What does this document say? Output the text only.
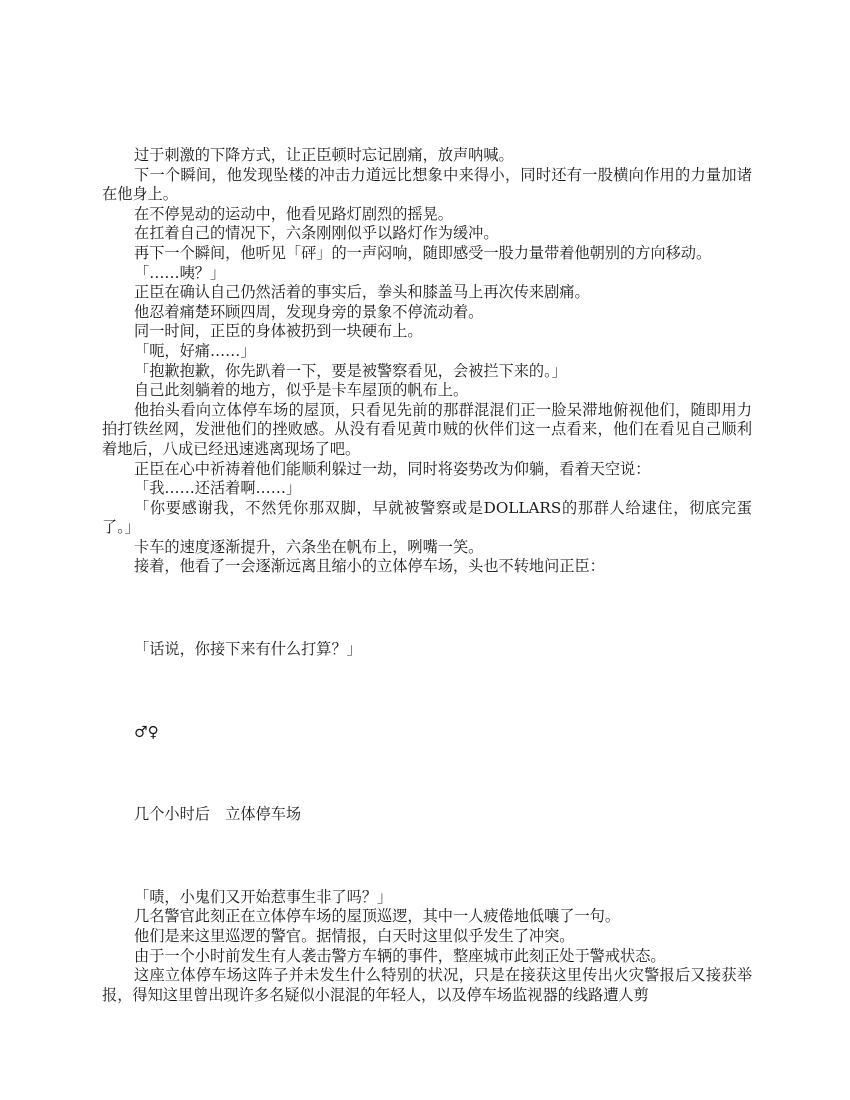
过于刺激的下降方式，让正臣顿时忘记剧痛，放声呐喊。

下一个瞬间，他发现坠楼的冲击力道远比想象中来得小，同时还有一股横向作用的力量加诸在他身上。

在不停晃动的运动中，他看见路灯剧烈的摇晃。

在扛着自己的情况下，六条刚刚似乎以路灯作为缓冲。

再下一个瞬间，他听见「砰」的一声闷响，随即感受一股力量带着他朝别的方向移动。

「……咦？」

正臣在确认自己仍然活着的事实后，拳头和膝盖马上再次传来剧痛。

他忍着痛楚环顾四周，发现身旁的景象不停流动着。

同一时间，正臣的身体被扔到一块硬布上。

「呃，好痛……」

「抱歉抱歉，你先趴着一下，要是被警察看见，会被拦下来的。」

自己此刻躺着的地方，似乎是卡车屋顶的帆布上。

他抬头看向立体停车场的屋顶，只看见先前的那群混混们正一脸呆滞地俯视他们，随即用力拍打铁丝网，发泄他们的挫败感。从没有看见黄巾贼的伙伴们这一点看来，他们在看见自己顺利着地后，八成已经迅速逃离现场了吧。

正臣在心中祈祷着他们能顺利躲过一劫，同时将姿势改为仰躺，看着天空说：

「我……还活着啊……」

「你要感谢我，不然凭你那双脚，早就被警察或是DOLLARS的那群人给逮住，彻底完蛋了。」

卡车的速度逐渐提升，六条坐在帆布上，咧嘴一笑。

接着，他看了一会逐渐远离且缩小的立体停车场，头也不转地问正臣：

「话说，你接下来有什么打算？」

♂♀

几个小时后　立体停车场

「啧，小鬼们又开始惹事生非了吗？」

几名警官此刻正在立体停车场的屋顶巡逻，其中一人疲倦地低嚷了一句。

他们是来这里巡逻的警官。据情报，白天时这里似乎发生了冲突。

由于一个小时前发生有人袭击警方车辆的事件，整座城市此刻正处于警戒状态。

这座立体停车场这阵子并未发生什么特别的状况，只是在接获这里传出火灾警报后又接获举报，得知这里曾出现许多名疑似小混混的年轻人，以及停车场监视器的线路遭人剪
